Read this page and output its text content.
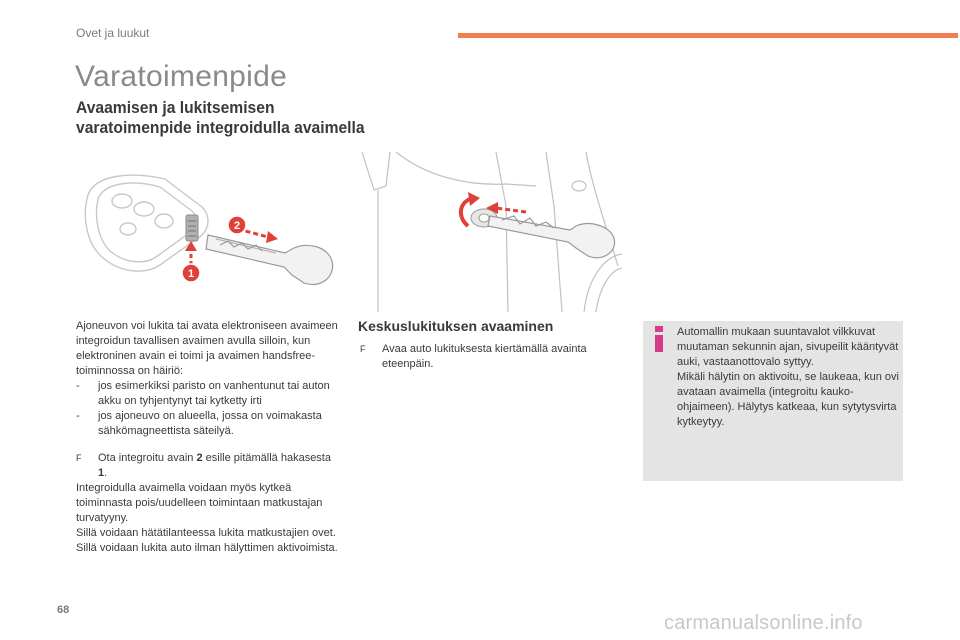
Ovet ja luukut
Varatoimenpide
Avaamisen ja lukitsemisen
varatoimenpide integroidulla avaimella
2
1
Ajoneuvon voi lukita tai avata elektroniseen avaimeen integroidun tavallisen avaimen avulla silloin, kun elektroninen avain ei toimi ja avaimen handsfree-toiminnossa on häiriö:
-	jos esimerkiksi paristo on vanhentunut tai auton akku on tyhjentynyt tai kytketty irti
-	jos ajoneuvo on alueella, jossa on voimakasta sähkömagneettista säteilyä.
F	Ota integroitu avain 2 esille pitämällä hakasesta 1.
Integroidulla avaimella voidaan myös kytkeä toiminnasta pois/uudelleen toimintaan matkustajan turvatyyny.
Sillä voidaan hätätilanteessa lukita matkustajien ovet.
Sillä voidaan lukita auto ilman hälyttimen aktivoimista.
Keskuslukituksen avaaminen
F	Avaa auto lukituksesta kiertämällä avainta eteenpäin.
Automallin mukaan suuntavalot vilkkuvat muutaman sekunnin ajan, sivupeilit kääntyvät auki, vastaanottovalo syttyy.
Mikäli hälytin on aktivoitu, se laukeaa, kun ovi avataan avaimella (integroitu kauko-ohjaimeen). Hälytys katkeaa, kun sytytysvirta kytkeytyy.
68
carmanualsonline.info
